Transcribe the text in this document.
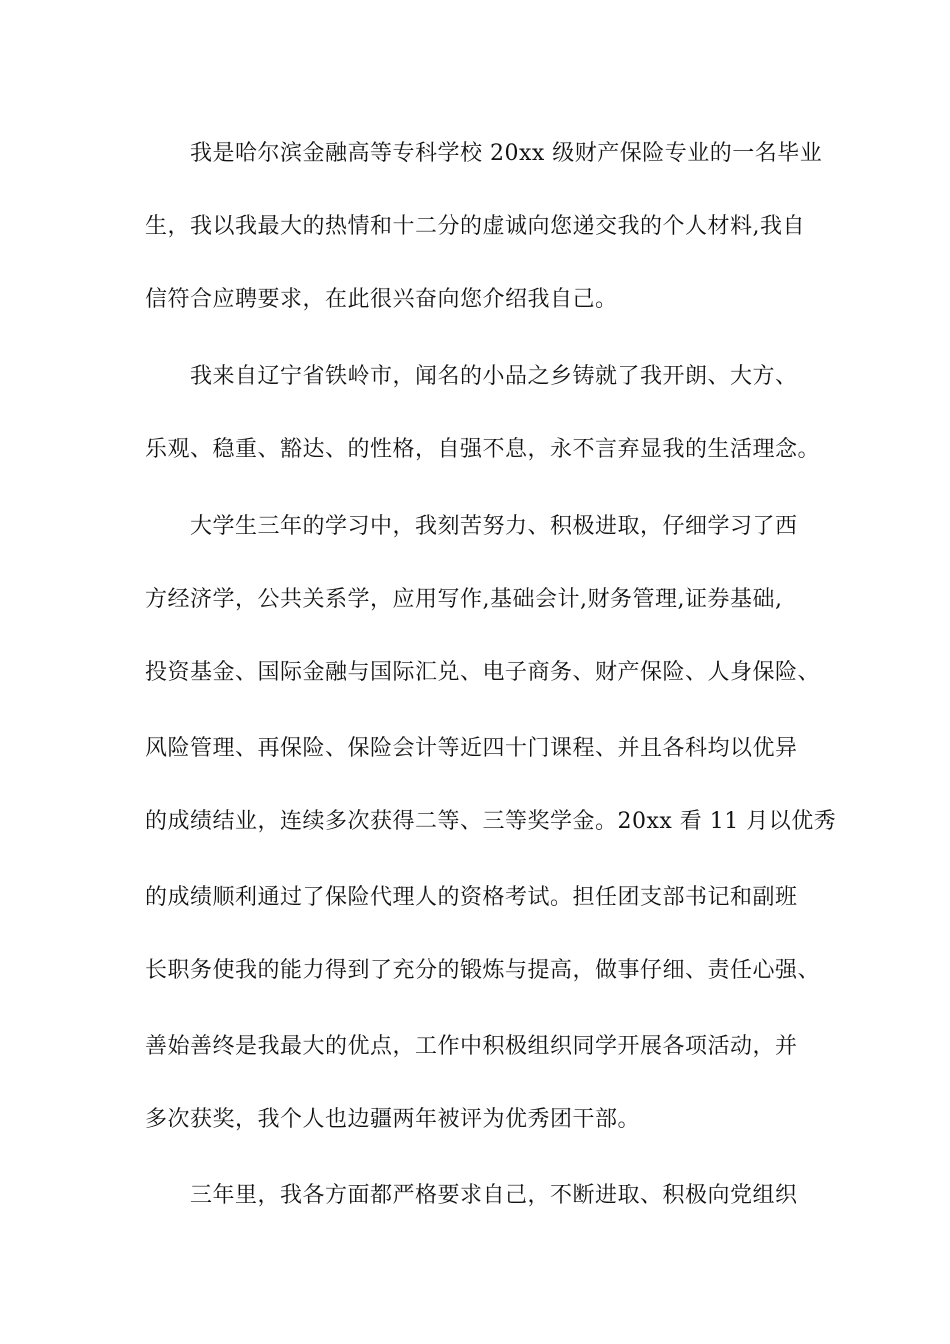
我是哈尔滨金融高等专科学校 20xx 级财产保险专业的一名毕业
生，我以我最大的热情和十二分的虚诚向您递交我的个人材料,我自
信符合应聘要求，在此很兴奋向您介绍我自己。
我来自辽宁省铁岭市，闻名的小品之乡铸就了我开朗、大方、
乐观、稳重、豁达、的性格，自强不息，永不言弃显我的生活理念。
大学生三年的学习中，我刻苦努力、积极进取，仔细学习了西
方经济学，公共关系学，应用写作,基础会计,财务管理,证券基础,
投资基金、国际金融与国际汇兑、电子商务、财产保险、人身保险、
风险管理、再保险、保险会计等近四十门课程、并且各科均以优异
的成绩结业，连续多次获得二等、三等奖学金。20xx 看 11 月以优秀
的成绩顺利通过了保险代理人的资格考试。担任团支部书记和副班
长职务使我的能力得到了充分的锻炼与提高，做事仔细、责任心强、
善始善终是我最大的优点，工作中积极组织同学开展各项活动，并
多次获奖，我个人也边疆两年被评为优秀团干部。
三年里，我各方面都严格要求自己，不断进取、积极向党组织
